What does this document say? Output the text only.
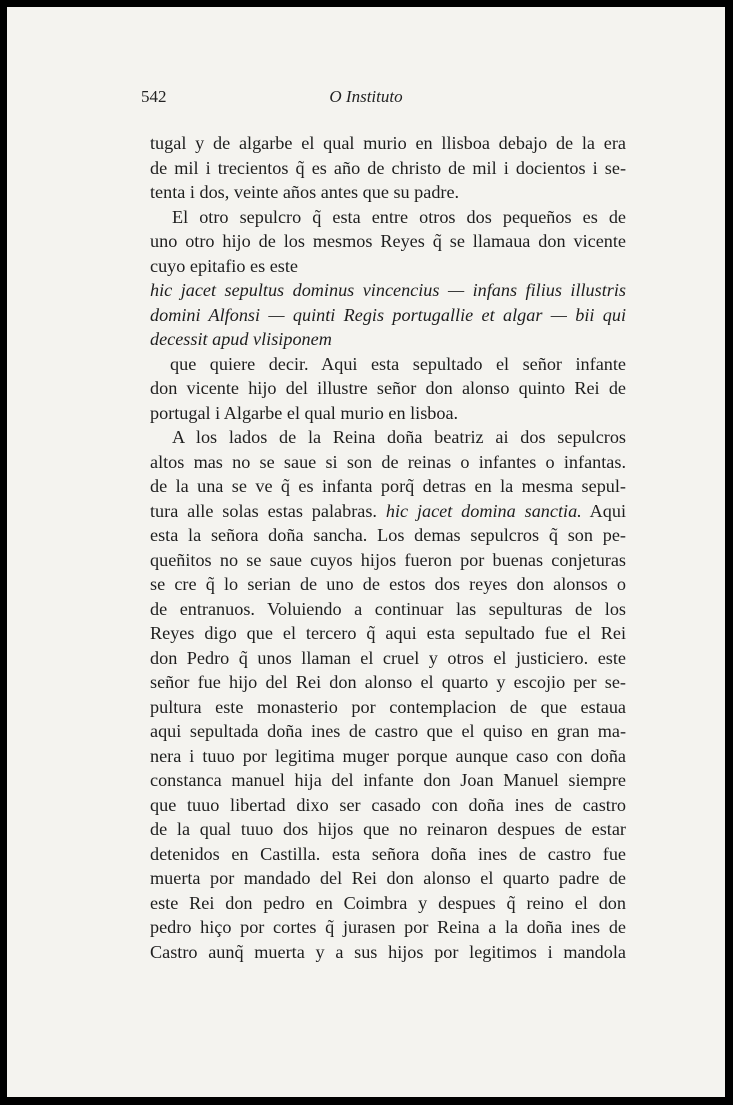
542	O Instituto
tugal y de algarbe el qual murio en llisboa debajo de la era
de mil i trecientos q̃ es año de christo de mil i docientos i se-
tenta i dos, veinte años antes que su padre.
El otro sepulcro q̃ esta entre otros dos pequeños es de
uno otro hijo de los mesmos Reyes q̃ se llamaua don vicente
cuyo epitafio es este
hic jacet sepultus dominus vincencius — infans filius illustris
domini Alfonsi — quinti Regis portugallie et algar — bii qui
decessit apud vlisiponem
que quiere decir. Aqui esta sepultado el señor infante
don vicente hijo del illustre señor don alonso quinto Rei de
portugal i Algarbe el qual murio en lisboa.
A los lados de la Reina doña beatriz ai dos sepulcros
altos mas no se saue si son de reinas o infantes o infantas.
de la una se ve q̃ es infanta porq̃ detras en la mesma sepul-
tura alle solas estas palabras. hic jacet domina sanctia. Aqui
esta la señora doña sancha. Los demas sepulcros q̃ son pe-
queñitos no se saue cuyos hijos fueron por buenas conjeturas
se cre q̃ lo serian de uno de estos dos reyes don alonsos o
de entranuos. Voluiendo a continuar las sepulturas de los
Reyes digo que el tercero q̃ aqui esta sepultado fue el Rei
don Pedro q̃ unos llaman el cruel y otros el justiciero. este
señor fue hijo del Rei don alonso el quarto y escojio per se-
pultura este monasterio por contemplacion de que estaua
aqui sepultada doña ines de castro que el quiso en gran ma-
nera i tuuo por legitima muger porque aunque caso con doña
constanca manuel hija del infante don Joan Manuel siempre
que tuuo libertad dixo ser casado con doña ines de castro
de la qual tuuo dos hijos que no reinaron despues de estar
detenidos en Castilla. esta señora doña ines de castro fue
muerta por mandado del Rei don alonso el quarto padre de
este Rei don pedro en Coimbra y despues q̃ reino el don
pedro hiço por cortes q̃ jurasen por Reina a la doña ines de
Castro aunq̃ muerta y a sus hijos por legitimos i mandola
